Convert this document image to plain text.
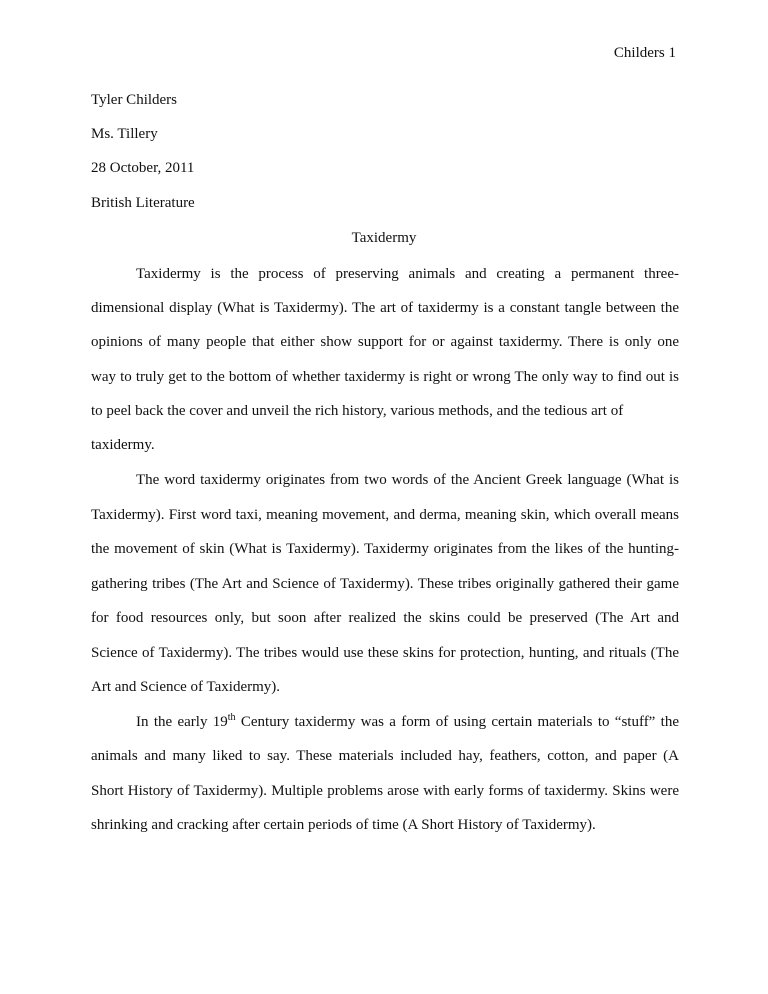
Childers 1
Tyler Childers
Ms. Tillery
28 October, 2011
British Literature
Taxidermy
Taxidermy is the process of preserving animals and creating a permanent three-
dimensional display (What is Taxidermy). The art of taxidermy is a constant tangle between the
opinions of many people that either show support for or against taxidermy. There is only one
way to truly get to the bottom of whether taxidermy is right or wrong The only way to find out is
to peel back the cover and unveil the rich history, various methods, and the tedious art of
taxidermy.
The word taxidermy originates from two words of the Ancient Greek language (What is
Taxidermy). First word taxi, meaning movement, and derma, meaning skin, which overall means
the movement of skin (What is Taxidermy). Taxidermy originates from the likes of the hunting-
gathering tribes (The Art and Science of Taxidermy). These tribes originally gathered their game
for food resources only, but soon after realized the skins could be preserved (The Art and
Science of Taxidermy). The tribes would use these skins for protection, hunting, and rituals (The
Art and Science of Taxidermy).
In the early 19th Century taxidermy was a form of using certain materials to “stuff” the
animals and many liked to say. These materials included hay, feathers, cotton, and paper (A
Short History of Taxidermy). Multiple problems arose with early forms of taxidermy. Skins were
shrinking and cracking after certain periods of time (A Short History of Taxidermy).
